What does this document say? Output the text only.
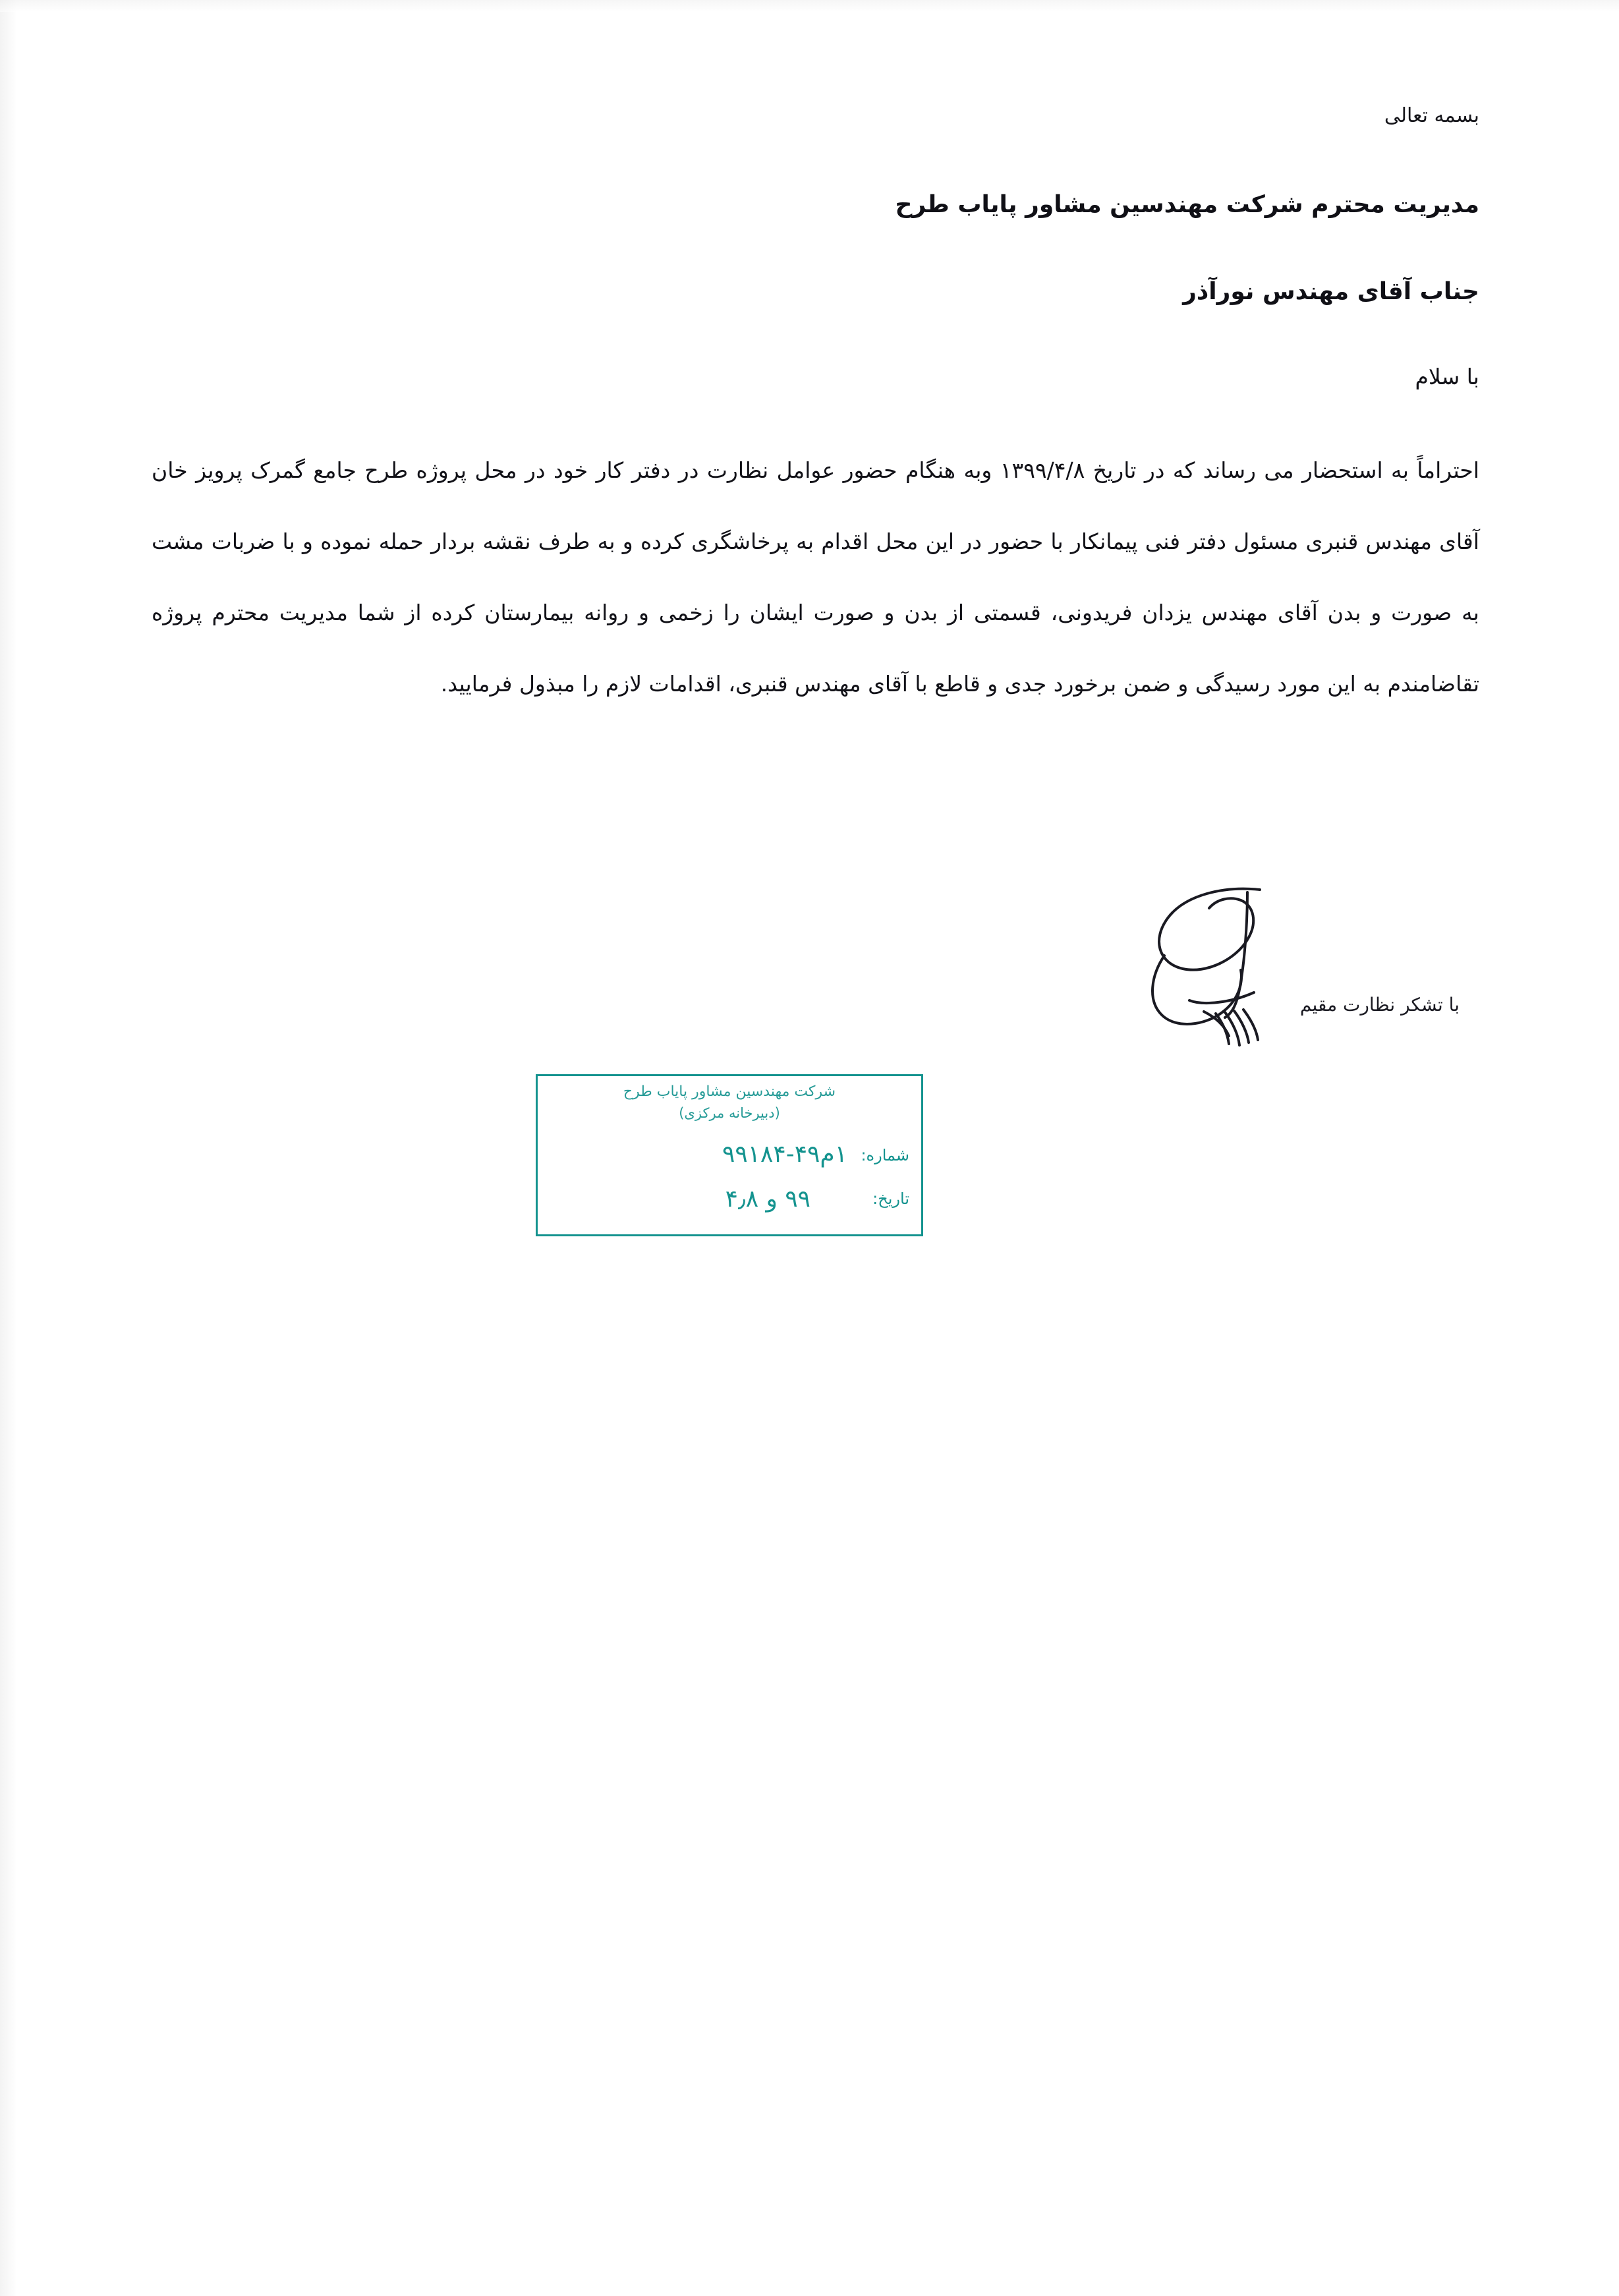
بسمه تعالی
مدیریت محترم شرکت مهندسین مشاور پایاب طرح
جناب آقای مهندس نورآذر
با سلام

احتراماً به استحضار می رساند که در تاریخ ۱۳۹۹/۴/۸ وبه هنگام حضور عوامل نظارت در دفتر کار خود در محل پروژه طرح جامع گمرک پرویز خان آقای مهندس قنبری مسئول دفتر فنی پیمانکار با حضور در این محل اقدام به پرخاشگری کرده و به طرف نقشه بردار حمله نموده و با ضربات مشت به صورت و بدن آقای مهندس یزدان فریدونی، قسمتی از بدن و صورت ایشان را زخمی و روانه بیمارستان کرده از شما مدیریت محترم پروژه تقاضامندم به این مورد رسیدگی و ضمن برخورد جدی و قاطع با آقای مهندس قنبری، اقدامات لازم را مبذول فرمایید.

با تشکر نظارت مقیم
شرکت مهندسین مشاور پایاب طرح
(دبیرخانه مرکزی)
شماره:
۱م۴۹-۹۹۱۸۴
تاریخ:
۹۹ و ۴٫۸
